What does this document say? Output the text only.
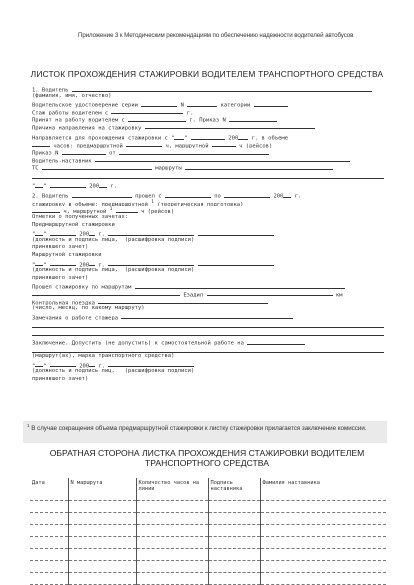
Приложение 3 к Методическим рекомендациям по обеспечению надежности водителей автобусов
ЛИСТОК ПРОХОЖДЕНИЯ СТАЖИРОВКИ ВОДИТЕЛЕМ ТРАНСПОРТНОГО СРЕДСТВА
1. Водитель
(фамилия, имя, отчество)
Водительское удостоверение серии	N	категории
Стаж работы водителем с	г.
Принят на работу водителем с	г. Приказ N
Причина направления на стажировку
Направляется для прохождения стажировки с " "	200 г. в объеме
часов: предмаршрутной	ч, маршрутной	ч (рейсов)
Приказ N	от
Водитель-наставник
ТС	маршруты
" "	200 г.
2. Водитель	прошел с	по	200 г.
стажировку в объеме: предмаршрутной $^1$ (теоретическая подготовка)
ч, маршрутной $^1$	ч (рейсов)
Отметки о полученных зачетах:
Предмаршрутной стажировки
" "	200 г.
(должность и подпись лица, (расшифровка подписи)
принявшего зачет)
Маршрутной стажировки
" "	200 г.
(должность и подпись лица, (расшифровка подписи)
принявшего зачет)
Прошел стажировку по маршрутам
Езадил	км
Контрольная поездка
(число, месяц, по какому маршруту)
Замечания о работе стажера
Заключение. Допустить (не допустить) к самостоятельной работе на
(маршрут(ах), марка транспортного средства)
" "	200 г.
(должность и подпись лиц, (расшифровка подписи)
принявшего зачет)
$^1$ В случае сокращения объема предмаршрутной стажировки к листку стажировки прилагается заключение комиссии.
ОБРАТНАЯ СТОРОНА ЛИСТКА ПРОХОЖДЕНИЯ СТАЖИРОВКИ ВОДИТЕЛЕМ ТРАНСПОРТНОГО СРЕДСТВА
Дата	N маршрута	Количество часов на линии	Подпись наставника	Фамилия наставника
